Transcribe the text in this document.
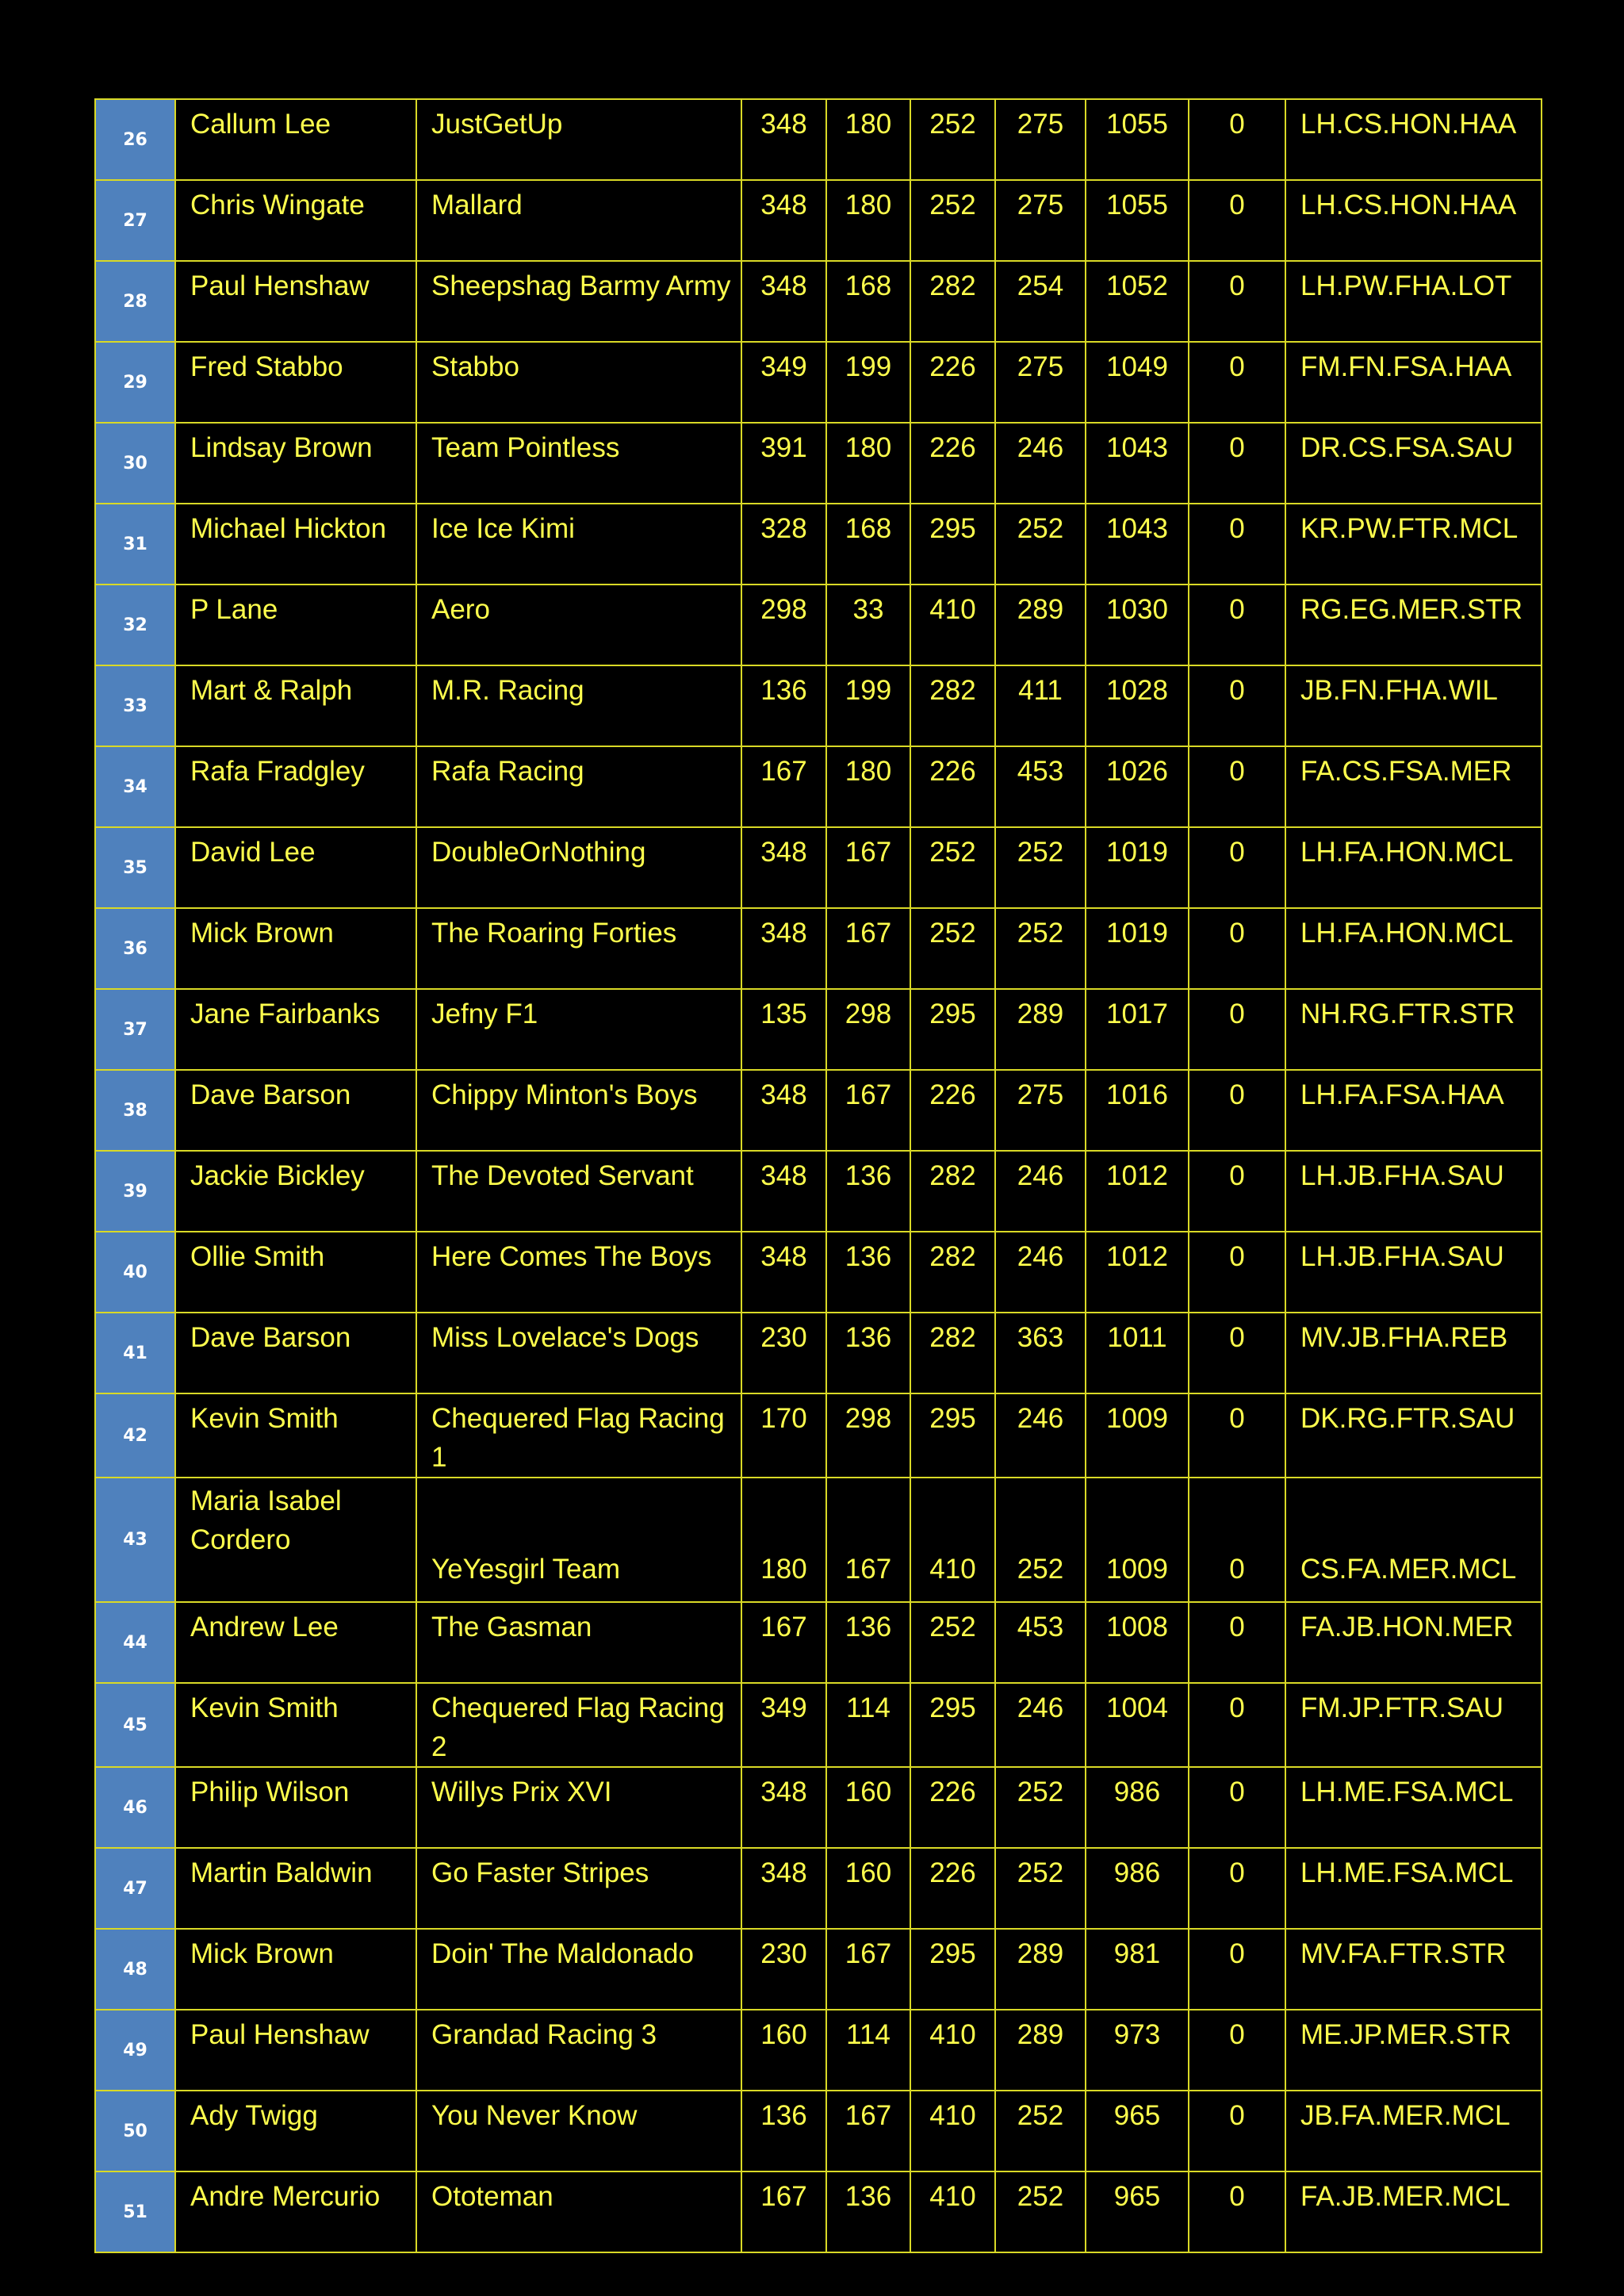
26	Callum Lee	JustGetUp	348	180	252	275	1055	0	LH.CS.HON.HAA
27	Chris Wingate	Mallard	348	180	252	275	1055	0	LH.CS.HON.HAA
28	Paul Henshaw	Sheepshag Barmy Army	348	168	282	254	1052	0	LH.PW.FHA.LOT
29	Fred Stabbo	Stabbo	349	199	226	275	1049	0	FM.FN.FSA.HAA
30	Lindsay Brown	Team Pointless	391	180	226	246	1043	0	DR.CS.FSA.SAU
31	Michael Hickton	Ice Ice Kimi	328	168	295	252	1043	0	KR.PW.FTR.MCL
32	P Lane	Aero	298	33	410	289	1030	0	RG.EG.MER.STR
33	Mart & Ralph	M.R. Racing	136	199	282	411	1028	0	JB.FN.FHA.WIL
34	Rafa Fradgley	Rafa Racing	167	180	226	453	1026	0	FA.CS.FSA.MER
35	David Lee	DoubleOrNothing	348	167	252	252	1019	0	LH.FA.HON.MCL
36	Mick Brown	The Roaring Forties	348	167	252	252	1019	0	LH.FA.HON.MCL
37	Jane Fairbanks	Jefny F1	135	298	295	289	1017	0	NH.RG.FTR.STR
38	Dave Barson	Chippy Minton's Boys	348	167	226	275	1016	0	LH.FA.FSA.HAA
39	Jackie Bickley	The Devoted Servant	348	136	282	246	1012	0	LH.JB.FHA.SAU
40	Ollie Smith	Here Comes The Boys	348	136	282	246	1012	0	LH.JB.FHA.SAU
41	Dave Barson	Miss Lovelace's Dogs	230	136	282	363	1011	0	MV.JB.FHA.REB
42	Kevin Smith	Chequered Flag Racing 1	170	298	295	246	1009	0	DK.RG.FTR.SAU
43	Maria Isabel Cordero	YeYesgirl Team	180	167	410	252	1009	0	CS.FA.MER.MCL
44	Andrew Lee	The Gasman	167	136	252	453	1008	0	FA.JB.HON.MER
45	Kevin Smith	Chequered Flag Racing 2	349	114	295	246	1004	0	FM.JP.FTR.SAU
46	Philip Wilson	Willys Prix XVI	348	160	226	252	986	0	LH.ME.FSA.MCL
47	Martin Baldwin	Go Faster Stripes	348	160	226	252	986	0	LH.ME.FSA.MCL
48	Mick Brown	Doin' The Maldonado	230	167	295	289	981	0	MV.FA.FTR.STR
49	Paul Henshaw	Grandad Racing 3	160	114	410	289	973	0	ME.JP.MER.STR
50	Ady Twigg	You Never Know	136	167	410	252	965	0	JB.FA.MER.MCL
51	Andre Mercurio	Ototeman	167	136	410	252	965	0	FA.JB.MER.MCL
